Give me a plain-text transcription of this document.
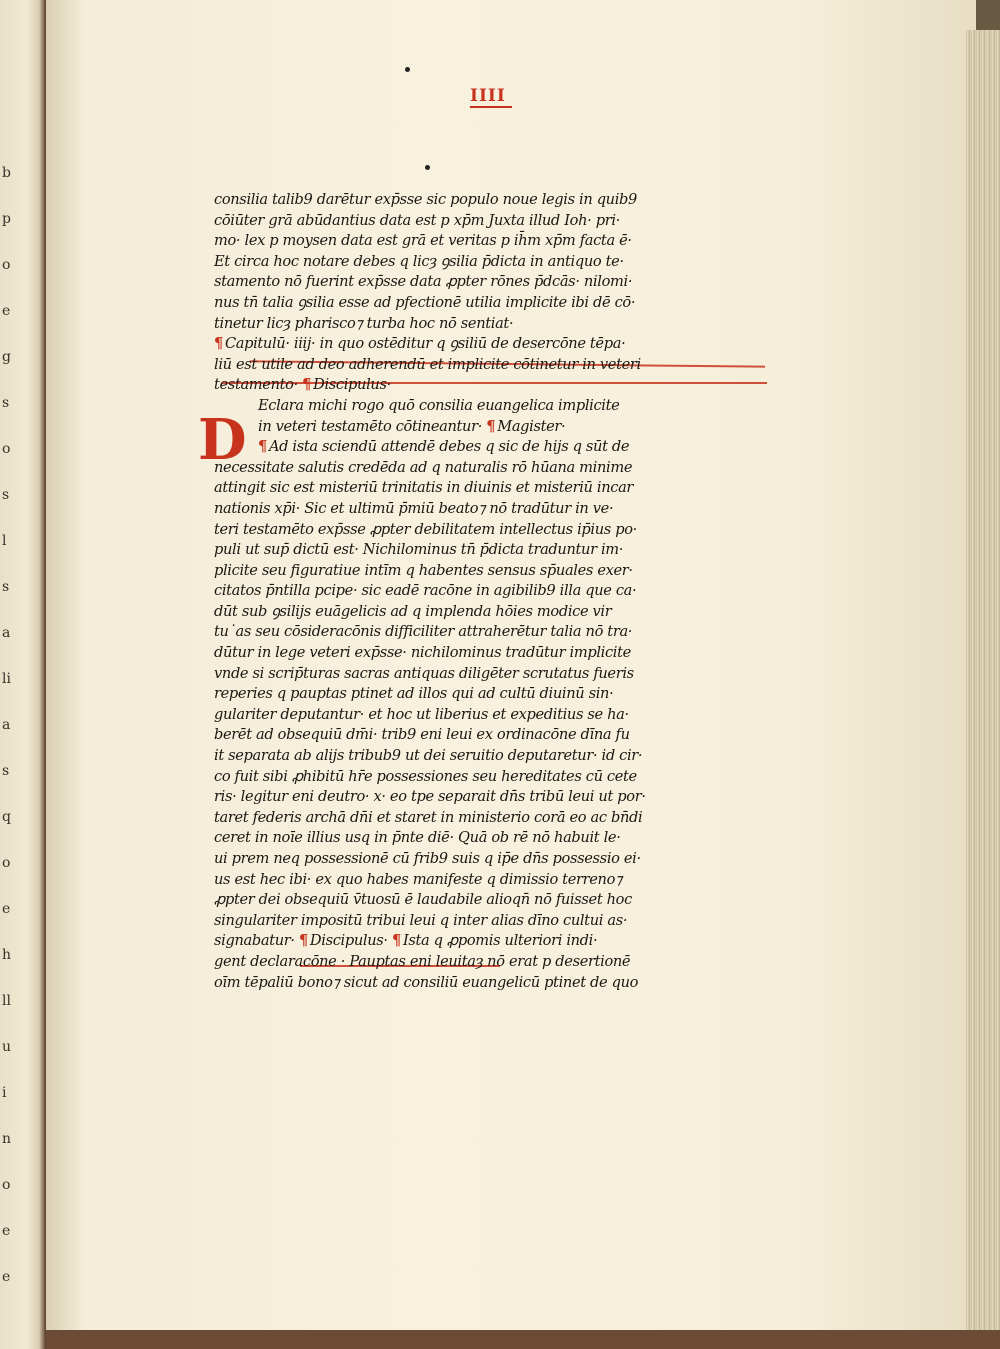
b
p
o
e
g
s
o
s
l
s
a
li
a
s
q
o
e
h
ll
u
i
n
o
e
e
IIII
D
consilia talib9 darētur exp̄sse sic populo noue legis in quib9
cōiūter grā abūdantius data est p xp̄m Juxta illud Ioh· pri·
mo· lex p moysen data est grā et veritas p ih̄m xp̄m facta ē·
Et circa hoc notare debes q licȝ ꝯsilia p̄dicta in antiquo te·
stamento nō fuerint exp̄sse data ꝓpter rōnes p̄dcās· nilomi·
nus tn̄ talia ꝯsilia esse ad pfectionē utilia implicite ibi dē cō·
tinetur licȝ pharisco⁊ turba hoc nō sentiat·
¶ Capitulū· iiij· in quo ostēditur q ꝯsiliū de desercōne tēpa·
liū est utile ad deo adherendū et implicite cōtinetur in veteri
testamento· ¶ Discipulus·
Eclara michi rogo quō consilia euangelica implicite
in veteri testamēto cōtineantur· ¶ Magister·
¶ Ad ista sciendū attendē debes q sic de hijs q sūt de
necessitate salutis credēda ad q naturalis rō hūana minime
attingit sic est misteriū trinitatis in diuinis et misteriū incar
nationis xp̄i· Sic et ultimū p̄miū beato⁊ nō tradūtur in ve·
teri testamēto exp̄sse ꝓpter debilitatem intellectus ip̄ius po·
puli ut sup̄ dictū est· Nichilominus tn̄ p̄dicta traduntur im·
plicite seu figuratiue intīm q habentes sensus sp̄uales exer·
citatos p̄ntilla pcipe· sic eadē racōne in agibilib9 illa que ca·
dūt sub ꝯsilijs euāgelicis ad q implenda hōies modice vir
tu˙as seu cōsideracōnis difficiliter attraherētur talia nō tra·
dūtur in lege veteri exp̄sse· nichilominus tradūtur implicite
vnde si scrip̄turas sacras antiquas diligēter scrutatus fueris
reperies q pauptas ptinet ad illos qui ad cultū diuinū sin·
gulariter deputantur· et hoc ut liberius et expeditius se ha·
berēt ad obsequiū dm̄i· trib9 eni leui ex ordinacōne dīna fu
it separata ab alijs tribub9 ut dei seruitio deputaretur· id cir·
co fuit sibi ꝓhibitū hr̄e possessiones seu hereditates cū cete
ris· legitur eni deutro· x· eo tpe separait dn̄s tribū leui ut por·
taret federis archā dn̄i et staret in ministerio corā eo ac bn̄di
ceret in noīe illius usq in p̄nte diē· Quā ob rē nō habuit le·
ui prem neq possessionē cū frib9 suis q ip̄e dn̄s possessio ei·
us est hec ibi· ex quo habes manifeste q dimissio terreno⁊
ꝓpter dei obsequiū v̄tuosū ē laudabile alioqn̄ nō fuisset hoc
singulariter impositū tribui leui q inter alias dīno cultui as·
signabatur· ¶ Discipulus· ¶ Ista q ꝓpomis ulteriori indi·
gent declaracōne · Pauptas eni leuitaȝ nō erat p desertionē
oīm tēpaliū bono⁊ sicut ad consiliū euangelicū ptinet de quo
